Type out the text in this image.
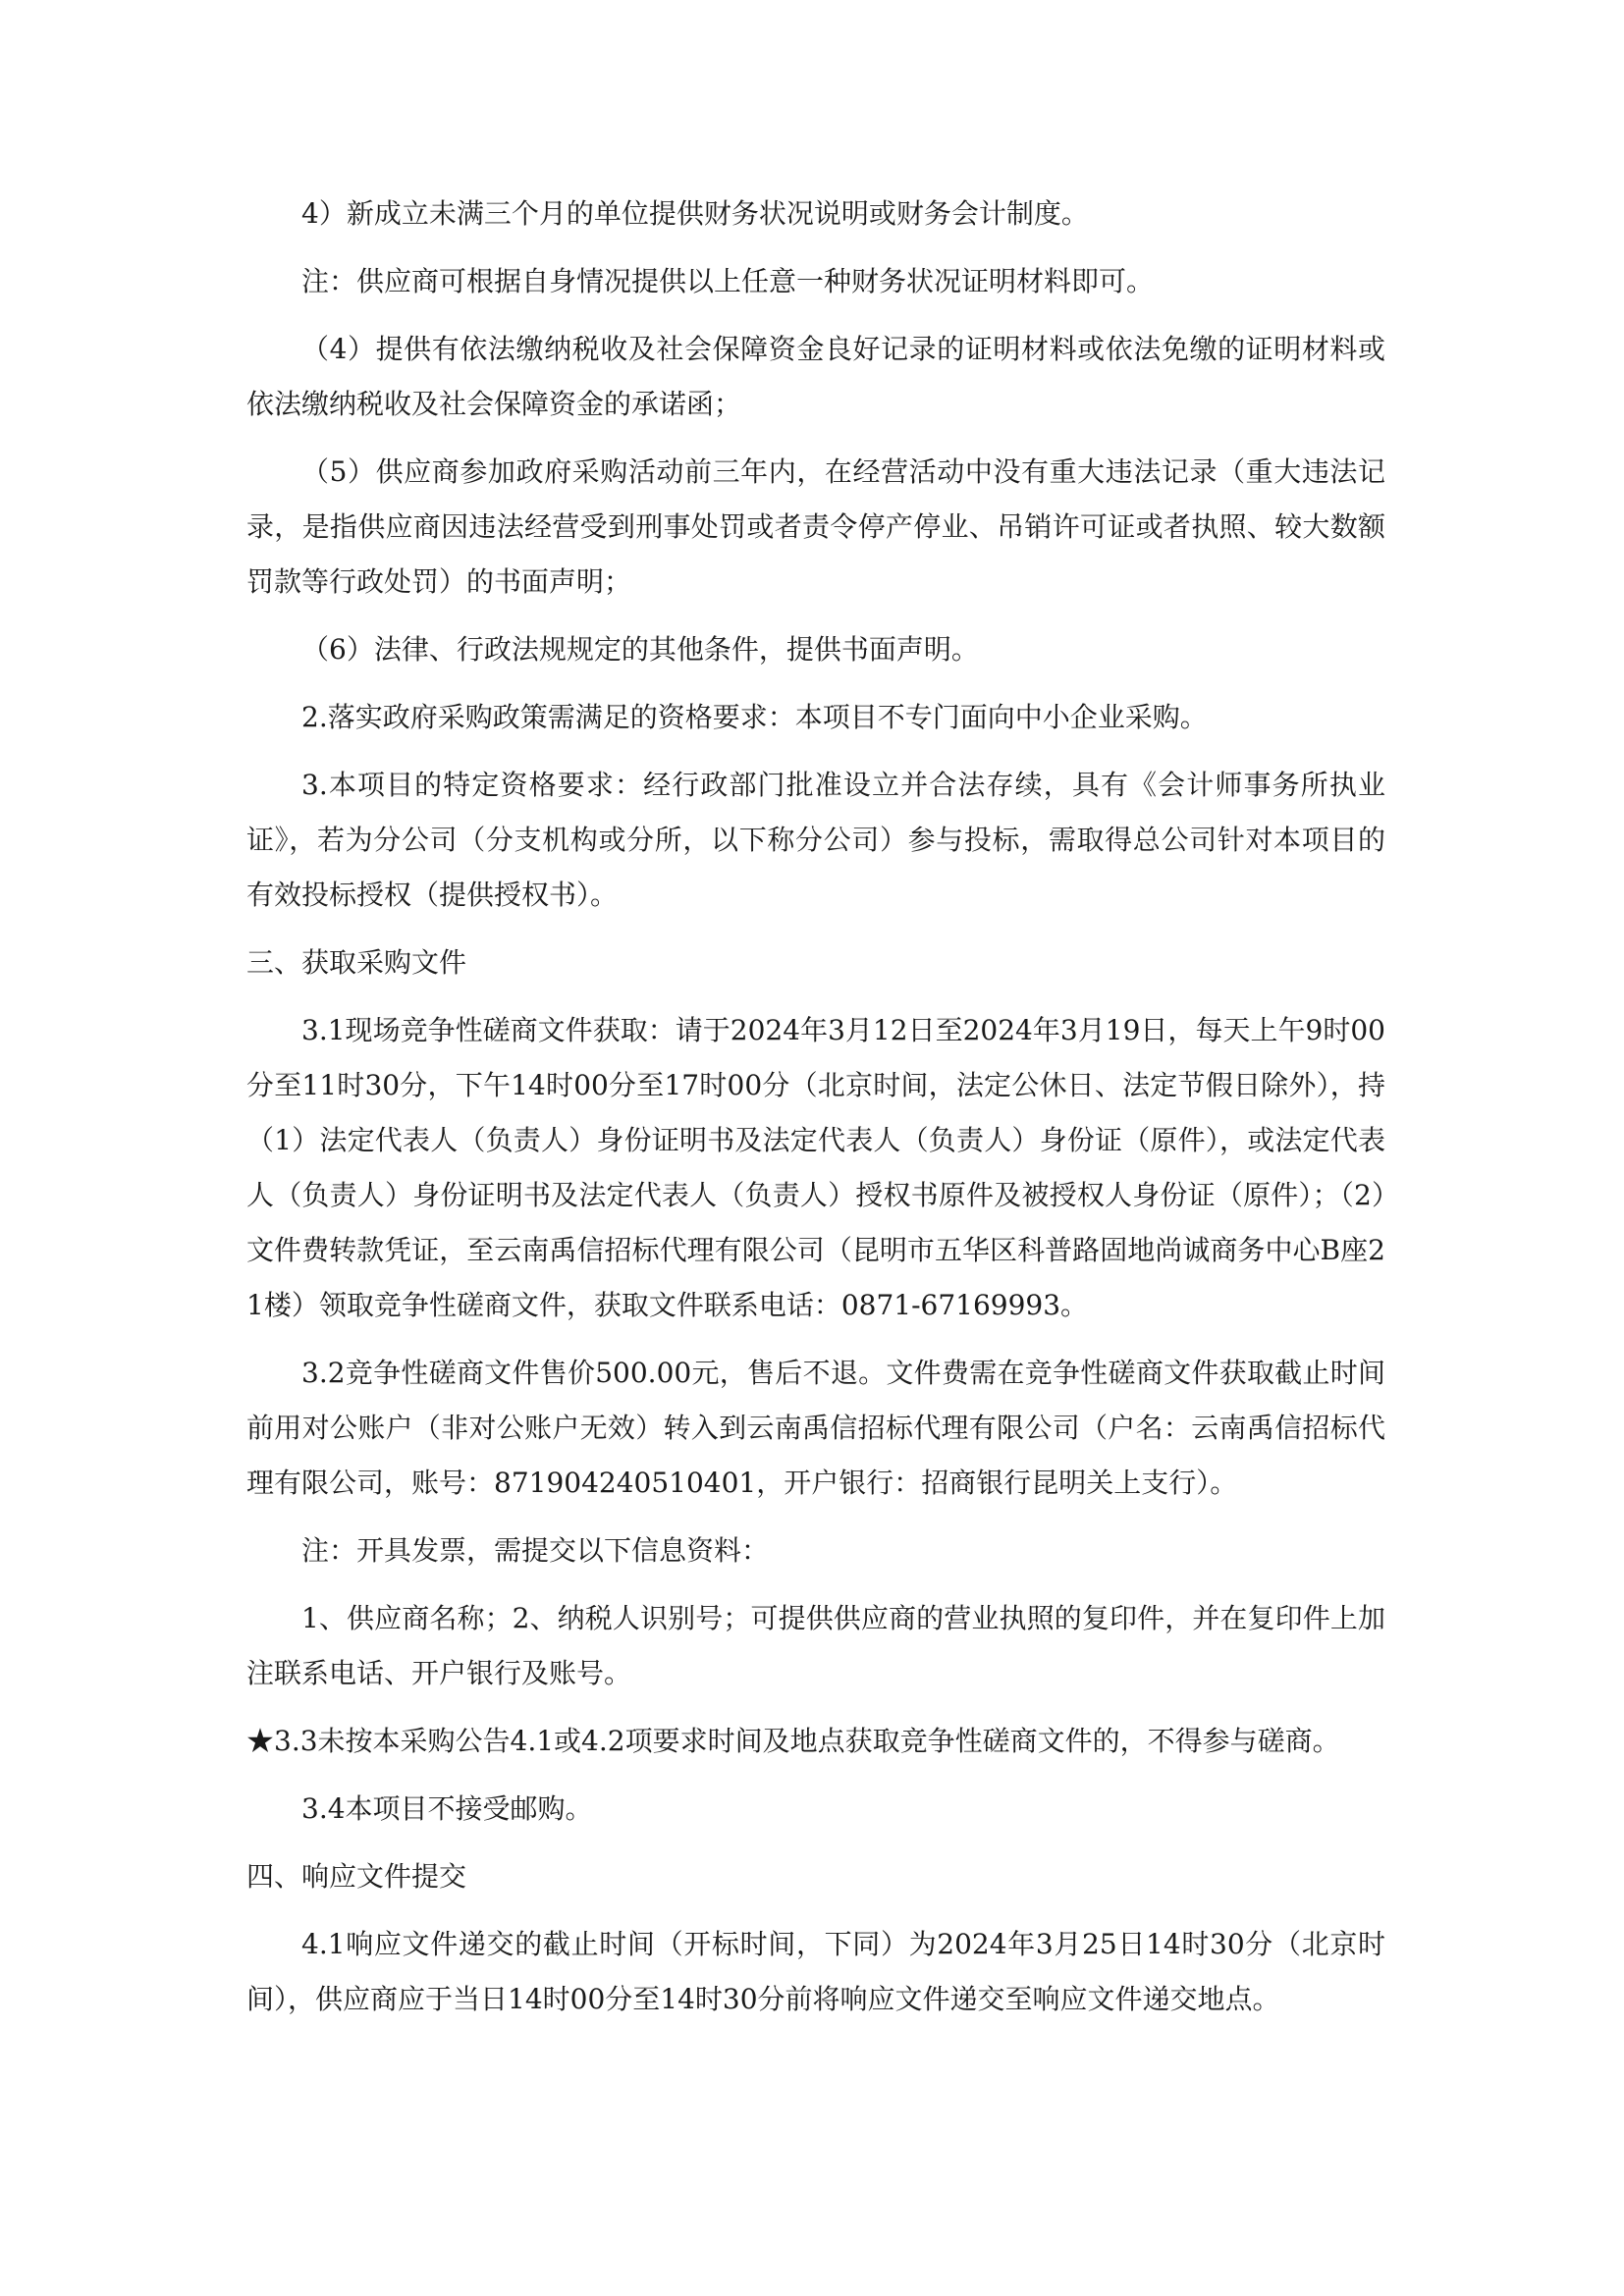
4）新成立未满三个月的单位提供财务状况说明或财务会计制度。

注：供应商可根据自身情况提供以上任意一种财务状况证明材料即可。

（4）提供有依法缴纳税收及社会保障资金良好记录的证明材料或依法免缴的证明材料或依法缴纳税收及社会保障资金的承诺函；

（5）供应商参加政府采购活动前三年内，在经营活动中没有重大违法记录（重大违法记录，是指供应商因违法经营受到刑事处罚或者责令停产停业、吊销许可证或者执照、较大数额罚款等行政处罚）的书面声明；

（6）法律、行政法规规定的其他条件，提供书面声明。

2.落实政府采购政策需满足的资格要求：本项目不专门面向中小企业采购。

3.本项目的特定资格要求：经行政部门批准设立并合法存续，具有《会计师事务所执业证》，若为分公司（分支机构或分所，以下称分公司）参与投标，需取得总公司针对本项目的有效投标授权（提供授权书）。

三、获取采购文件

3.1现场竞争性磋商文件获取：请于2024年3月12日至2024年3月19日，每天上午9时00分至11时30分，下午14时00分至17时00分（北京时间，法定公休日、法定节假日除外），持（1）法定代表人（负责人）身份证明书及法定代表人（负责人）身份证（原件），或法定代表人（负责人）身份证明书及法定代表人（负责人）授权书原件及被授权人身份证（原件）；（2）文件费转款凭证，至云南禹信招标代理有限公司（昆明市五华区科普路固地尚诚商务中心B座21楼）领取竞争性磋商文件，获取文件联系电话：0871-67169993。

3.2竞争性磋商文件售价500.00元，售后不退。文件费需在竞争性磋商文件获取截止时间前用对公账户（非对公账户无效）转入到云南禹信招标代理有限公司（户名：云南禹信招标代理有限公司，账号：871904240510401，开户银行：招商银行昆明关上支行）。

注：开具发票，需提交以下信息资料：

1、供应商名称；2、纳税人识别号；可提供供应商的营业执照的复印件，并在复印件上加注联系电话、开户银行及账号。

★3.3未按本采购公告4.1或4.2项要求时间及地点获取竞争性磋商文件的，不得参与磋商。

3.4本项目不接受邮购。

四、响应文件提交

4.1响应文件递交的截止时间（开标时间，下同）为2024年3月25日14时30分（北京时间），供应商应于当日14时00分至14时30分前将响应文件递交至响应文件递交地点。
